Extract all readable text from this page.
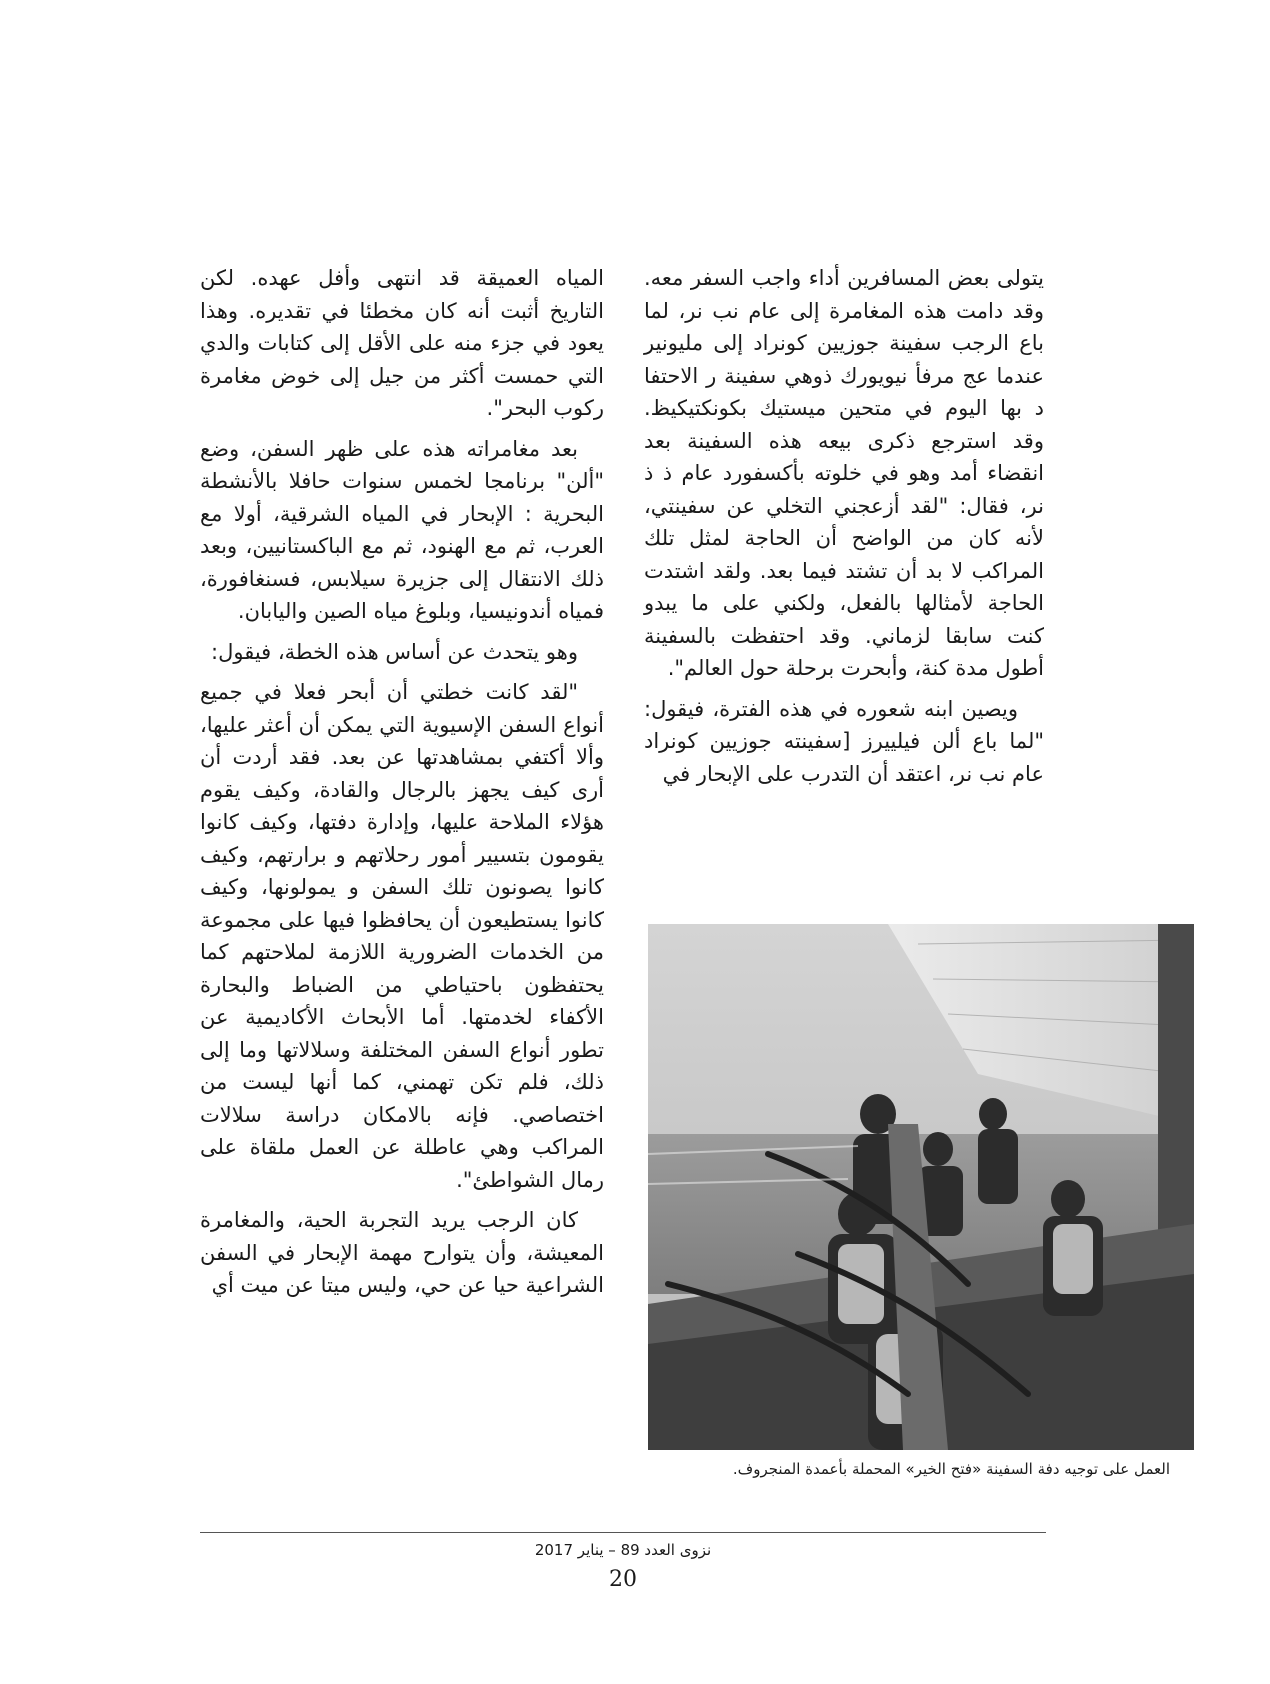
يتولى بعض المسافرين أداء واجب السفر معه. وقد دامت هذه المغامرة إلى عام نب نر، لما باع الرجب سفينة جوزيين كونراد إلى مليونير عندما عج مرفأ نيويورك ذوهي سفينة ر الاحتفا د بها اليوم في متحين ميستيك بكونكتيكيظ. وقد استرجع ذكرى بيعه هذه السفينة بعد انقضاء أمد وهو في خلوته بأكسفورد عام ذ ذ نر، فقال: "لقد أزعجني التخلي عن سفينتي، لأنه كان من الواضح أن الحاجة لمثل تلك المراكب لا بد أن تشتد فيما بعد. ولقد اشتدت الحاجة لأمثالها بالفعل، ولكني على ما يبدو كنت سابقا لزماني. وقد احتفظت بالسفينة أطول مدة كنة، وأبحرت برحلة حول العالم".

ويصين ابنه شعوره في هذه الفترة، فيقول: "لما باع ألن فيلييرز [سفينته جوزيين كونراد عام نب نر، اعتقد أن التدرب على الإبحار في

المياه العميقة قد انتهى وأفل عهده. لكن التاريخ أثبت أنه كان مخطئا في تقديره. وهذا يعود في جزء منه على الأقل إلى كتابات والدي التي حمست أكثر من جيل إلى خوض مغامرة ركوب البحر".

بعد مغامراته هذه على ظهر السفن، وضع "ألن" برنامجا لخمس سنوات حافلا بالأنشطة البحرية : الإبحار في المياه الشرقية، أولا مع العرب، ثم مع الهنود، ثم مع الباكستانيين، وبعد ذلك الانتقال إلى جزيرة سيلابس، فسنغافورة، فمياه أندونيسيا، وبلوغ مياه الصين واليابان.

وهو يتحدث عن أساس هذه الخطة، فيقول:

"لقد كانت خطتي أن أبحر فعلا في جميع أنواع السفن الإسيوية التي يمكن أن أعثر عليها، وألا أكتفي بمشاهدتها عن بعد. فقد أردت أن أرى كيف يجهز بالرجال والقادة، وكيف يقوم هؤلاء الملاحة عليها، وإدارة دفتها، وكيف كانوا يقومون بتسيير أمور رحلاتهم و برارتهم، وكيف كانوا يصونون تلك السفن و يمولونها، وكيف كانوا يستطيعون أن يحافظوا فيها على مجموعة من الخدمات الضرورية اللازمة لملاحتهم كما يحتفظون باحتياطي من الضباط والبحارة الأكفاء لخدمتها. أما الأبحاث الأكاديمية عن تطور أنواع السفن المختلفة وسلالاتها وما إلى ذلك، فلم تكن تهمني، كما أنها ليست من اختصاصي. فإنه بالامكان دراسة سلالات المراكب وهي عاطلة عن العمل ملقاة على رمال الشواطئ".

كان الرجب يريد التجربة الحية، والمغامرة المعيشة، وأن يتوارح مهمة الإبحار في السفن الشراعية حيا عن حي، وليس ميتا عن ميت أي

العمل على توجيه دفة السفينة «فتح الخير» المحملة بأعمدة المنجروف.

نزوى العدد 89 – يناير 2017

20
